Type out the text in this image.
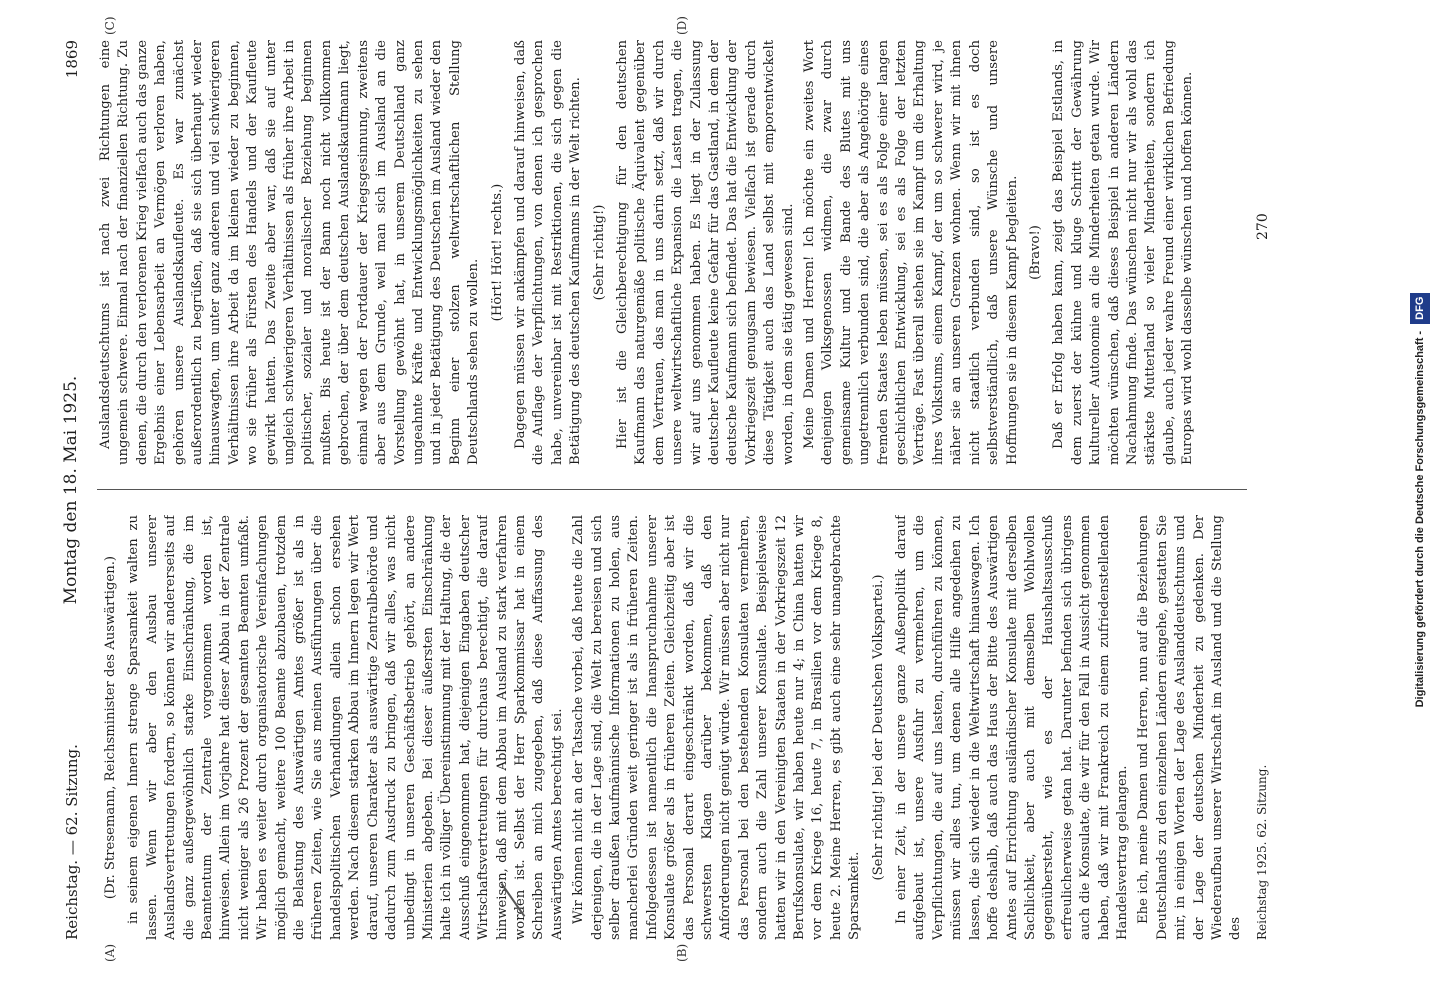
Reichstag. — 62. Sitzung.
Montag den 18. Mai 1925.
1869

(Dr. Stresemann, Reichsminister des Auswärtigen.) in seinem eigenen Innern strenge Sparsamkeit walten zu lassen. Wenn wir aber den Ausbau unserer Auslandsvertretungen fordern, so können wir andererseits auf die ganz außergewöhnlich starke Einschränkung, die im Beamtentum der Zentrale vorgenommen worden ist, hinweisen. Allein im Vorjahre hat dieser Abbau in der Zentrale nicht weniger als 26 Prozent der gesamten Beamten umfaßt. Wir haben es weiter durch organisatorische Vereinfachungen möglich gemacht, weitere 100 Beamte abzubauen, trotzdem die Belastung des Auswärtigen Amtes größer ist als in früheren Zeiten, wie Sie aus meinen Ausführungen über die handelspolitischen Verhandlungen allein schon ersehen werden. Nach diesem starken Abbau im Innern legen wir Wert darauf, unseren Charakter als auswärtige Zentralbehörde und dadurch zum Ausdruck zu bringen, daß wir alles, was nicht unbedingt in unseren Geschäftsbetrieb gehört, an andere Ministerien abgeben. Bei dieser äußersten Einschränkung halte ich in völliger Übereinstimmung mit der Haltung, die der Ausschuß eingenommen hat, diejenigen Eingaben deutscher Wirtschaftsvertretungen für durchaus berechtigt, die darauf hinweisen, daß mit dem Abbau im Ausland zu stark verfahren worden ist. Selbst der Herr Sparkommissar hat in einem Schreiben an mich zugegeben, daß diese Auffassung des Auswärtigen Amtes berechtigt sei. Wir können nicht an der Tatsache vorbei, daß heute die Zahl derjenigen, die in der Lage sind, die Welt zu bereisen und sich selber draußen kaufmännische Informationen zu holen, aus mancherlei Gründen weit geringer ist als in früheren Zeiten. Infolgedessen ist namentlich die Inanspruchnahme unserer Konsulate größer als in früheren Zeiten. Gleichzeitig aber ist das Personal derart eingeschränkt worden, daß wir die schwersten Klagen darüber bekommen, daß den Anforderungen nicht genügt würde. Wir müssen aber nicht nur das Personal bei den bestehenden Konsulaten vermehren, sondern auch die Zahl unserer Konsulate. Beispielsweise hatten wir in den Vereinigten Staaten in der Vorkriegszeit 12 Berufskonsulate, wir haben heute nur 4; in China hatten wir vor dem Kriege 16, heute 7, in Brasilien vor dem Kriege 8, heute 2. Meine Herren, es gibt auch eine sehr unangebrachte Sparsamkeit.

(Sehr richtig! bei der Deutschen Volkspartei.) In einer Zeit, in der unsere ganze Außenpolitik darauf aufgebaut ist, unsere Ausfuhr zu vermehren, um die Verpflichtungen, die auf uns lasten, durchführen zu können, müssen wir alles tun, um denen alle Hilfe angedeihen zu lassen, die sich wieder in die Weltwirtschaft hinauswagen. Ich hoffe deshalb, daß auch das Haus der Bitte des Auswärtigen Amtes auf Errichtung ausländischer Konsulate mit derselben Sachlichkeit, aber auch mit demselben Wohlwollen gegenübersteht, wie es der Haushaltsausschuß erfreulicherweise getan hat. Darunter befinden sich übrigens auch die Konsulate, die wir für den Fall in Aussicht genommen haben, daß wir mit Frankreich zu einem zufriedenstellenden Handelsvertrag gelangen. Ehe ich, meine Damen und Herren, nun auf die Beziehungen Deutschlands zu den einzelnen Ländern eingehe, gestatten Sie mir, in einigen Worten der Lage des Auslanddeutschtums und der Lage der deutschen Minderheit zu gedenken. Der Wiederaufbau unserer Wirtschaft im Ausland und die Stellung des

Auslandsdeutschtums ist nach zwei Richtungen eine ungemein schwere. Einmal nach der finanziellen Richtung. Zu denen, die durch den verlorenen Krieg vielfach auch das ganze Ergebnis einer Lebensarbeit an Vermögen verloren haben, gehören unsere Auslandskaufleute. Es war zunächst außerordentlich zu begrüßen, daß sie sich überhaupt wieder hinauswagten, um unter ganz anderen und viel schwierigeren Verhältnissen ihre Arbeit da im kleinen wieder zu beginnen, wo sie früher als Fürsten des Handels und der Kaufleute gewirkt hatten. Das Zweite aber war, daß sie auf unter ungleich schwierigeren Verhältnissen als früher ihre Arbeit in politischer, sozialer und moralischer Beziehung beginnen mußten. Bis heute ist der Bann noch nicht vollkommen gebrochen, der über dem deutschen Auslandskaufmann liegt, einmal wegen der Fortdauer der Kriegsgesinnung, zweitens aber aus dem Grunde, weil man sich im Ausland an die Vorstellung gewöhnt hat, in unserem Deutschland ganz ungeahnte Kräfte und Entwicklungsmöglichkeiten zu sehen und in jeder Betätigung des Deutschen im Ausland wieder den Beginn einer stolzen weltwirtschaftlichen Stellung Deutschlands sehen zu wollen.

(Hört! Hört! rechts.) Dagegen müssen wir ankämpfen und darauf hinweisen, daß die Auflage der Verpflichtungen, von denen ich gesprochen habe, unvereinbar ist mit Restriktionen, die sich gegen die Betätigung des deutschen Kaufmanns in der Welt richten. (Sehr richtig!) Hier ist die Gleichberechtigung für den deutschen Kaufmann das naturgemäße politische Äquivalent gegenüber dem Vertrauen, das man in uns darin setzt, daß wir durch unsere weltwirtschaftliche Expansion die Lasten tragen, die wir auf uns genommen haben. Es liegt in der Zulassung deutscher Kaufleute keine Gefahr für das Gastland, in dem der deutsche Kaufmann sich befindet. Das hat die Entwicklung der Vorkriegszeit genugsam bewiesen. Vielfach ist gerade durch diese Tätigkeit auch das Land selbst mit emporentwickelt worden, in dem sie tätig gewesen sind. Meine Damen und Herren! Ich möchte ein zweites Wort denjenigen Volksgenossen widmen, die zwar durch gemeinsame Kultur und die Bande des Blutes mit uns ungetrennlich verbunden sind, die aber als Angehörige eines fremden Staates leben müssen, sei es als Folge einer langen geschichtlichen Entwicklung, sei es als Folge der letzten Verträge. Fast überall stehen sie im Kampf um die Erhaltung ihres Volkstums, einem Kampf, der um so schwerer wird, je näher sie an unseren Grenzen wohnen. Wenn wir mit ihnen nicht staatlich verbunden sind, so ist es doch selbstverständlich, daß unsere Wünsche und unsere Hoffnungen sie in diesem Kampf begleiten. (Bravo!) Daß er Erfolg haben kann, zeigt das Beispiel Estlands, in dem zuerst der kühne und kluge Schritt der Gewährung kultureller Autonomie an die Minderheiten getan wurde. Wir möchten wünschen, daß dieses Beispiel in anderen Ländern Nachahmung finde. Das wünschen nicht nur wir als wohl das stärkste Mutterland so vieler Minderheiten, sondern ich glaube, auch jeder wahre Freund einer wirklichen Befriedung Europas wird wohl dasselbe wünschen und hoffen können.

(A)	(B)
(C)	(D)
Reichstag 1925. 62. Sitzung.
270
Digitalisierung gefördert durch die Deutsche Forschungsgemeinschaft - DFG
